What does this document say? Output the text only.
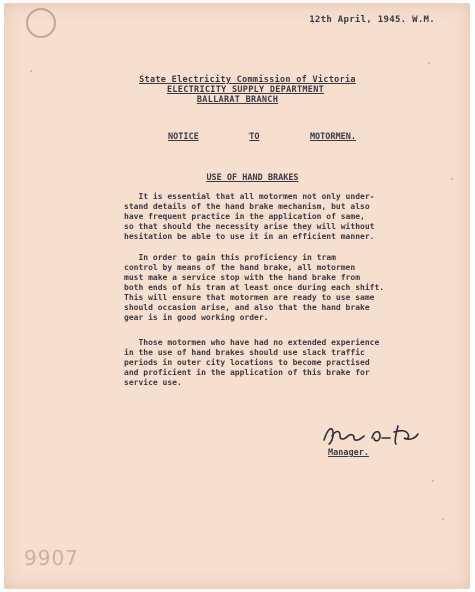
12th April, 1945. W.M.
State Electricity Commission of Victoria
ELECTRICITY SUPPLY DEPARTMENT
BALLARAT BRANCH
NOTICE	TO	MOTORMEN.
USE OF HAND BRAKES

It is essential that all motormen not only under-
stand details of the hand brake mechanism, but also
have frequent practice in the application of same,
so that should the necessity arise they will without
hesitation be able to use it in an efficient manner.

In order to gain this proficiency in tram
control by means of the hand brake, all motormen
must make a service stop with the hand brake from
both ends of his tram at least once during each shift.
This will ensure that motormen are ready to use same
should occasion arise, and also that the hand brake
gear is in good working order.

Those motormen who have had no extended experience
in the use of hand brakes should use slack traffic
periods in outer city locations to become practised
and proficient in the application of this brake for
service use.

Manager.
9907
